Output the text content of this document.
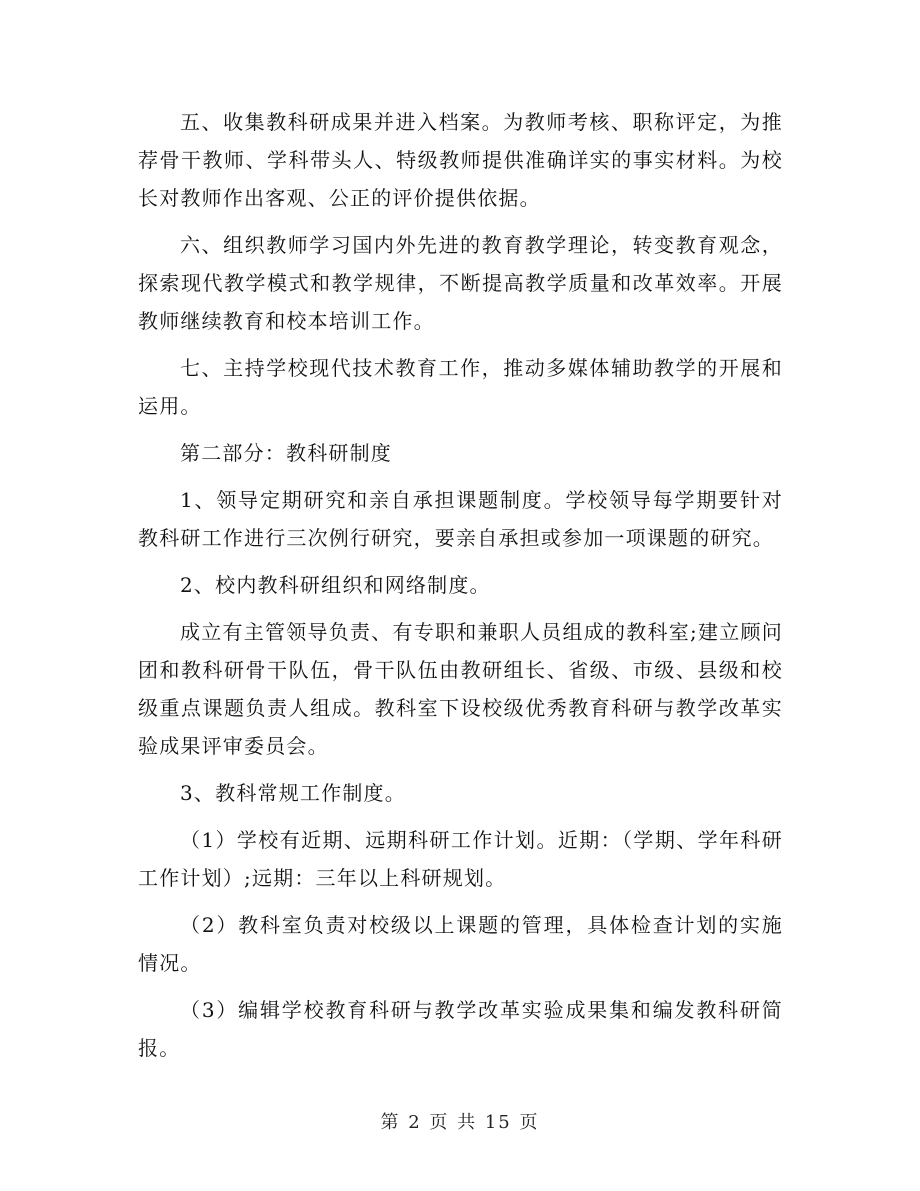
五、收集教科研成果并进入档案。为教师考核、职称评定，为推荐骨干教师、学科带头人、特级教师提供准确详实的事实材料。为校长对教师作出客观、公正的评价提供依据。

六、组织教师学习国内外先进的教育教学理论，转变教育观念，探索现代教学模式和教学规律，不断提高教学质量和改革效率。开展教师继续教育和校本培训工作。

七、主持学校现代技术教育工作，推动多媒体辅助教学的开展和运用。

第二部分：教科研制度

1、领导定期研究和亲自承担课题制度。学校领导每学期要针对教科研工作进行三次例行研究，要亲自承担或参加一项课题的研究。

2、校内教科研组织和网络制度。

成立有主管领导负责、有专职和兼职人员组成的教科室;建立顾问团和教科研骨干队伍，骨干队伍由教研组长、省级、市级、县级和校级重点课题负责人组成。教科室下设校级优秀教育科研与教学改革实验成果评审委员会。

3、教科常规工作制度。

（1）学校有近期、远期科研工作计划。近期：（学期、学年科研工作计划）;远期：三年以上科研规划。

（2）教科室负责对校级以上课题的管理，具体检查计划的实施情况。

（3）编辑学校教育科研与教学改革实验成果集和编发教科研简报。

第 2 页 共 15 页
